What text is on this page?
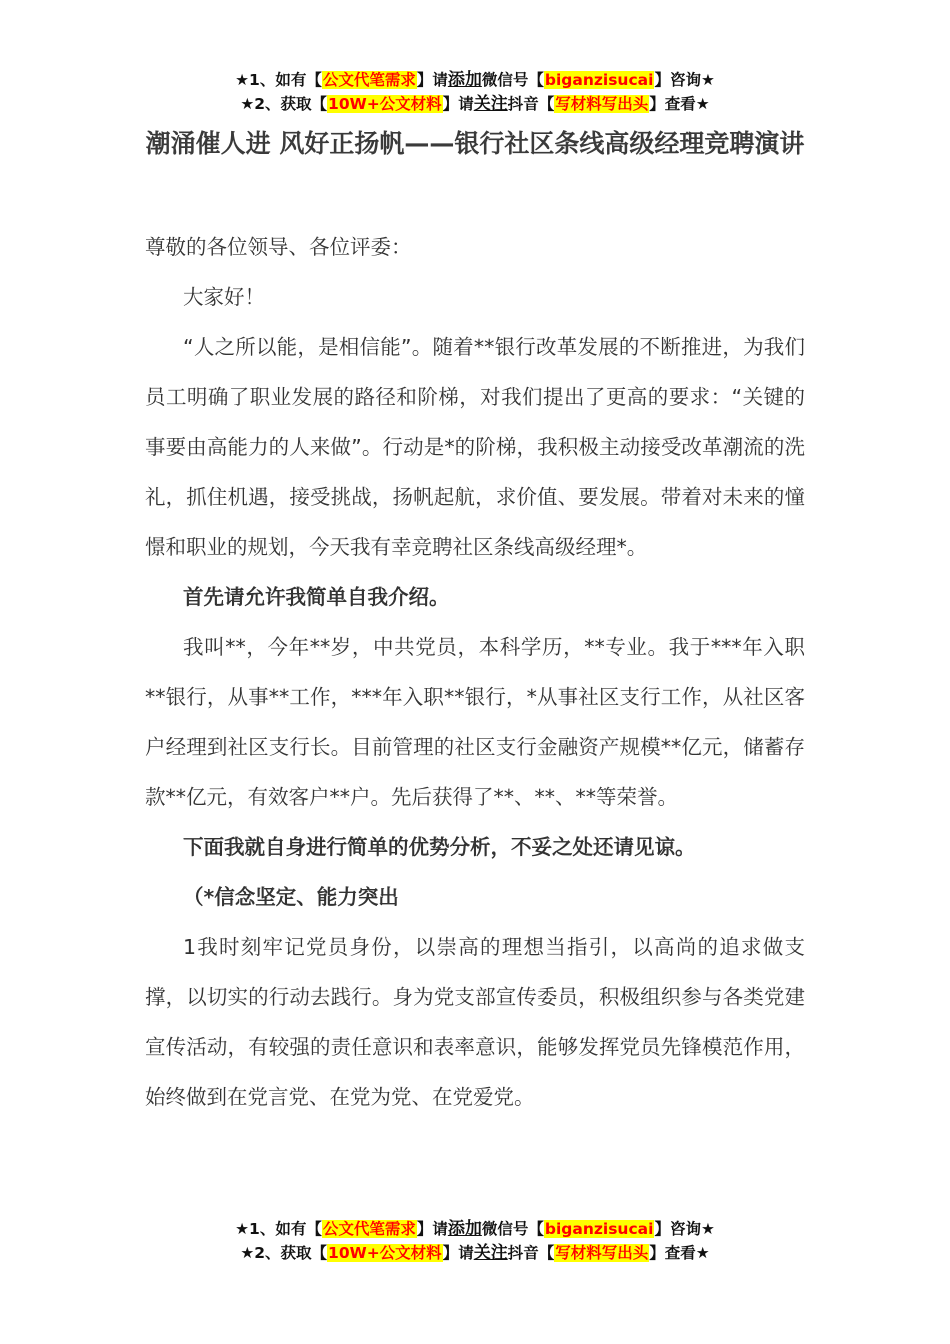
★1、如有【公文代笔需求】请添加微信号【biganzisucai】咨询★
★2、获取【10W+公文材料】请关注抖音【写材料写出头】查看★
潮涌催人进 风好正扬帆——银行社区条线高级经理竞聘演讲

尊敬的各位领导、各位评委：

大家好！

“人之所以能，是相信能”。随着**银行改革发展的不断推进，为我们员工明确了职业发展的路径和阶梯，对我们提出了更高的要求：“关键的事要由高能力的人来做”。行动是*的阶梯，我积极主动接受改革潮流的洗礼，抓住机遇，接受挑战，扬帆起航，求价值、要发展。带着对未来的憧憬和职业的规划，今天我有幸竞聘社区条线高级经理*。

首先请允许我简单自我介绍。

我叫**，今年**岁，中共党员，本科学历，**专业。我于***年入职**银行，从事**工作，***年入职**银行，*从事社区支行工作，从社区客户经理到社区支行长。目前管理的社区支行金融资产规模**亿元，储蓄存款**亿元，有效客户**户。先后获得了**、**、**等荣誉。

下面我就自身进行简单的优势分析，不妥之处还请见谅。

（*信念坚定、能力突出

1我时刻牢记党员身份，以崇高的理想当指引，以高尚的追求做支撑，以切实的行动去践行。身为党支部宣传委员，积极组织参与各类党建宣传活动，有较强的责任意识和表率意识，能够发挥党员先锋模范作用，始终做到在党言党、在党为党、在党爱党。

★1、如有【公文代笔需求】请添加微信号【biganzisucai】咨询★
★2、获取【10W+公文材料】请关注抖音【写材料写出头】查看★
